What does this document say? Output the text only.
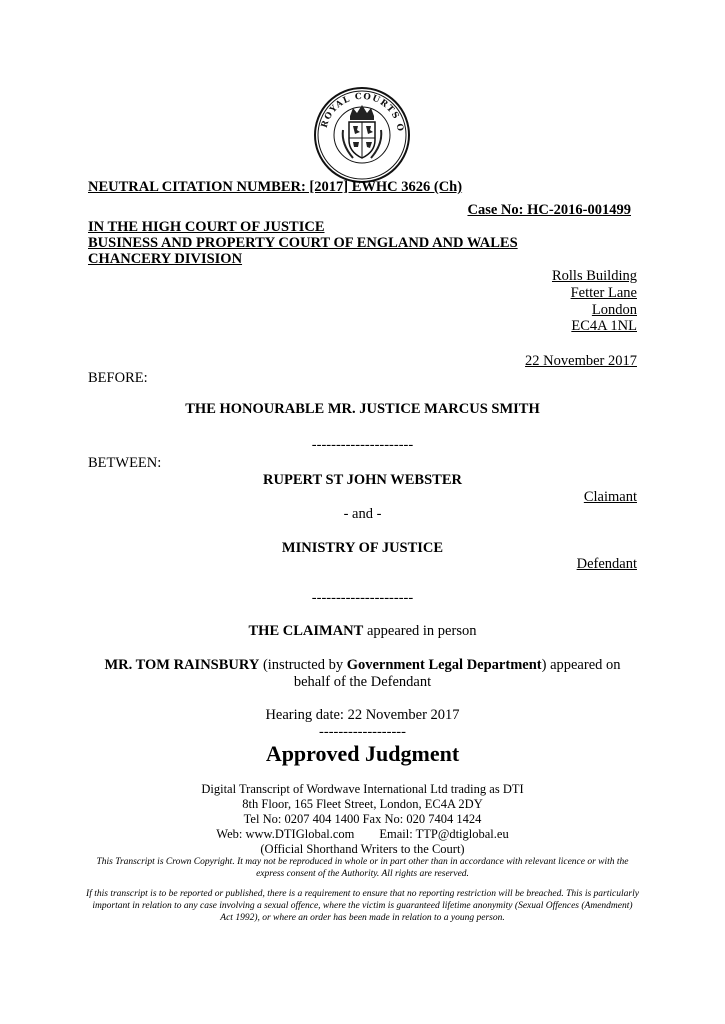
ROYAL COURTS O
NEUTRAL CITATION NUMBER: [2017] EWHC 3626 (Ch)
Case No: HC-2016-001499
IN THE HIGH COURT OF JUSTICE
BUSINESS AND PROPERTY COURT OF ENGLAND AND WALES
CHANCERY DIVISION
Rolls Building
Fetter Lane
London
EC4A 1NL
22 November 2017
BEFORE:
THE HONOURABLE MR. JUSTICE MARCUS SMITH
---------------------
BETWEEN:
RUPERT ST JOHN WEBSTER
Claimant
- and -
MINISTRY OF JUSTICE
Defendant
---------------------
THE CLAIMANT appeared in person
MR. TOM RAINSBURY (instructed by Government Legal Department) appeared on
behalf of the Defendant
Hearing date: 22 November 2017
------------------
Approved Judgment
Digital Transcript of Wordwave International Ltd trading as DTI
8th Floor, 165 Fleet Street, London, EC4A 2DY
Tel No: 0207 404 1400 Fax No: 020 7404 1424
Web: www.DTIGlobal.com        Email: TTP@dtiglobal.eu
(Official Shorthand Writers to the Court)
This Transcript is Crown Copyright. It may not be reproduced in whole or in part other than in accordance with relevant licence or with the express consent of the Authority. All rights are reserved.
If this transcript is to be reported or published, there is a requirement to ensure that no reporting restriction will be breached. This is particularly important in relation to any case involving a sexual offence, where the victim is guaranteed lifetime anonymity (Sexual Offences (Amendment) Act 1992), or where an order has been made in relation to a young person.
